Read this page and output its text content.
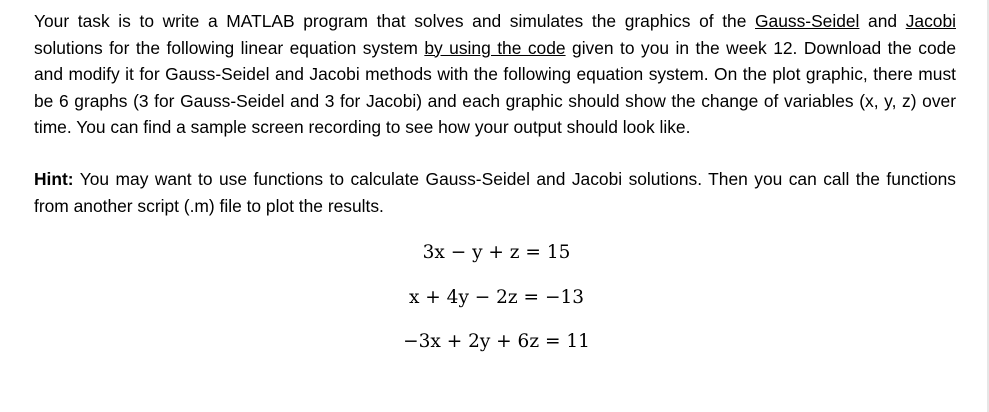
Your task is to write a MATLAB program that solves and simulates the graphics of the Gauss-Seidel and Jacobi solutions for the following linear equation system by using the code given to you in the week 12. Download the code and modify it for Gauss-Seidel and Jacobi methods with the following equation system. On the plot graphic, there must be 6 graphs (3 for Gauss-Seidel and 3 for Jacobi) and each graphic should show the change of variables (x, y, z) over time. You can find a sample screen recording to see how your output should look like.

Hint: You may want to use functions to calculate Gauss-Seidel and Jacobi solutions. Then you can call the functions from another script (.m) file to plot the results.

3x − y + z = 15

x + 4y − 2z = −13

−3x + 2y + 6z = 11
